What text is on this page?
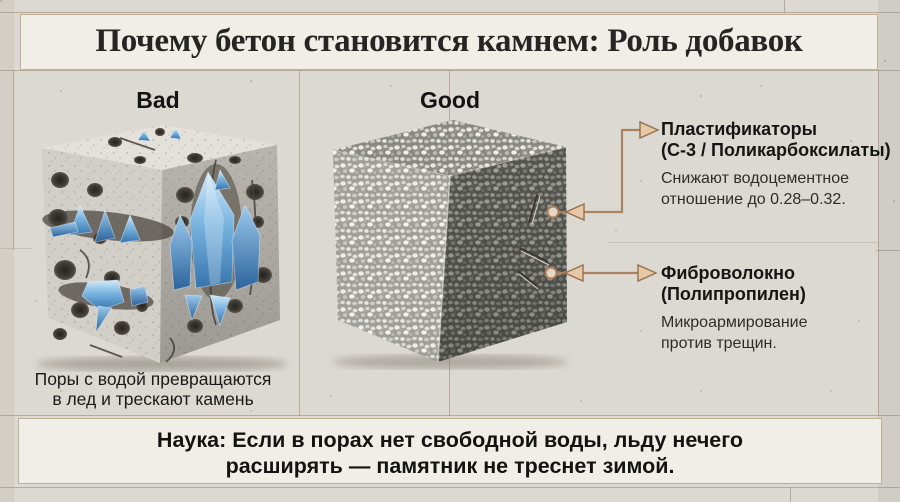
Почему бетон становится камнем: Роль добавок
Bad	Good
Поры с водой превращаются
в лед и трескают камень
Пластификаторы
(С-3 / Поликарбоксилаты)
Снижают водоцементное
отношение до 0.28–0.32.
Фиброволокно
(Полипропилен)
Микроармирование
против трещин.
Наука: Если в порах нет свободной воды, льду нечего
расширять — памятник не треснет зимой.
